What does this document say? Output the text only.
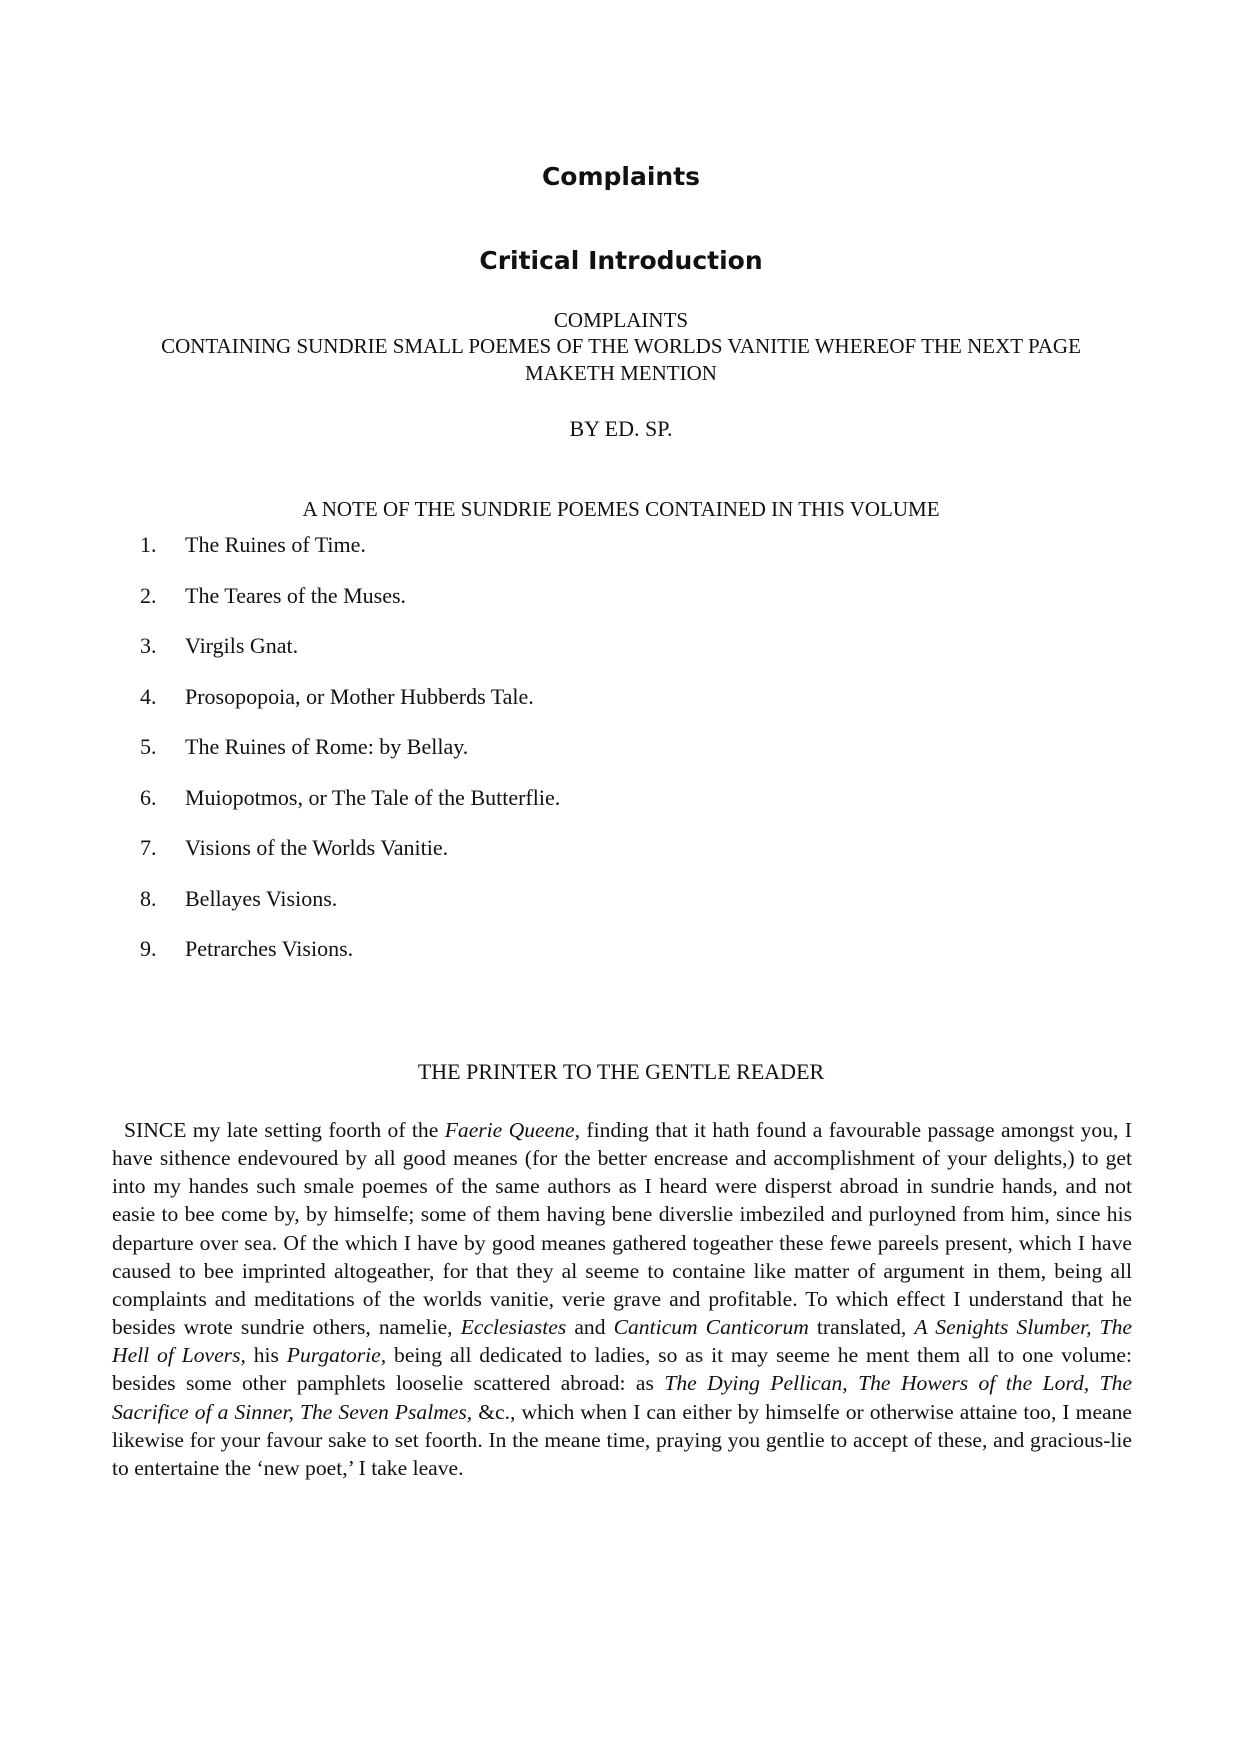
Complaints
Critical Introduction
COMPLAINTS
CONTAINING SUNDRIE SMALL POEMES OF THE WORLDS VANITIE WHEREOF THE NEXT PAGE
MAKETH MENTION
BY ED. SP.
A NOTE OF THE SUNDRIE POEMES CONTAINED IN THIS VOLUME
1.	The Ruines of Time.
2.	The Teares of the Muses.
3.	Virgils Gnat.
4.	Prosopopoia, or Mother Hubberds Tale.
5.	The Ruines of Rome: by Bellay.
6.	Muiopotmos, or The Tale of the Butterflie.
7.	Visions of the Worlds Vanitie.
8.	Bellayes Visions.
9.	Petrarches Visions.
THE PRINTER TO THE GENTLE READER

SINCE my late setting foorth of the Faerie Queene, finding that it hath found a favourable passage amongst you, I have sithence endevoured by all good meanes (for the better encrease and accomplishment of your delights,) to get into my handes such smale poemes of the same authors as I heard were disperst abroad in sundrie hands, and not easie to bee come by, by himselfe; some of them having bene diverslie imbeziled and purloyned from him, since his departure over sea. Of the which I have by good meanes gathered togeather these fewe pareels present, which I have caused to bee imprinted altogeather, for that they al seeme to containe like matter of argument in them, being all complaints and meditations of the worlds vanitie, verie grave and profitable. To which effect I understand that he besides wrote sundrie others, namelie, Ecclesiastes and Canticum Canticorum translated, A Senights Slumber, The Hell of Lovers, his Purgatorie, being all dedicated to ladies, so as it may seeme he ment them all to one volume: besides some other pamphlets looselie scattered abroad: as The Dying Pellican, The Howers of the Lord, The Sacrifice of a Sinner, The Seven Psalmes, &c., which when I can either by himselfe or otherwise attaine too, I meane likewise for your favour sake to set foorth. In the meane time, praying you gentlie to accept of these, and gracious-lie to entertaine the ‘new poet,’ I take leave.
